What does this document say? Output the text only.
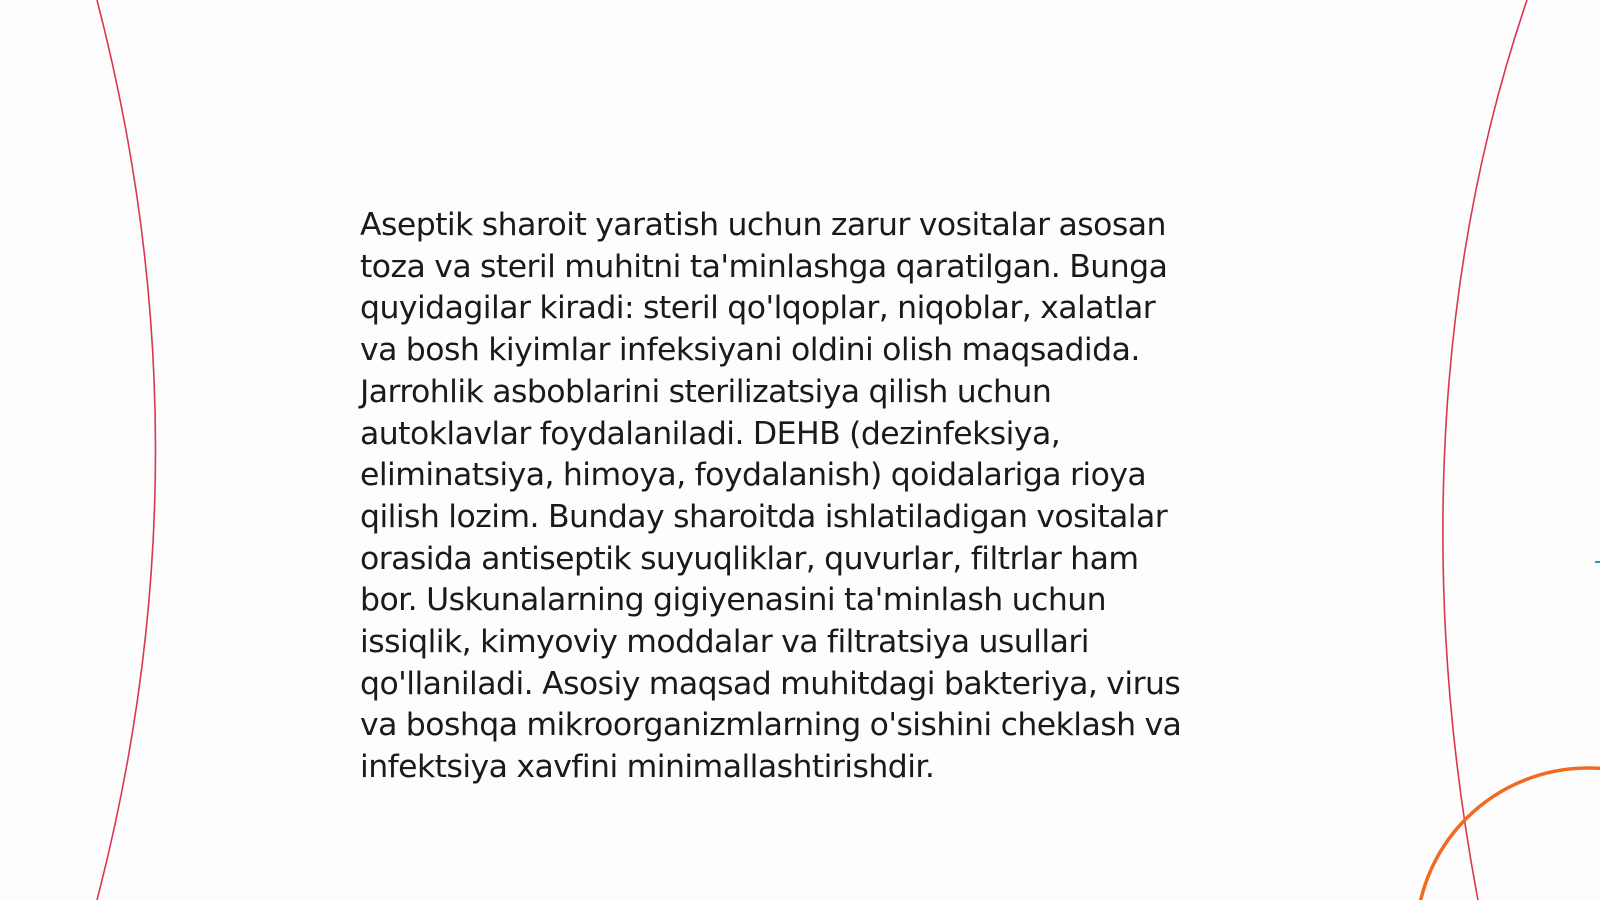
Aseptik sharoit yaratish uchun zarur vositalar asosan
toza va steril muhitni ta'minlashga qaratilgan. Bunga
quyidagilar kiradi: steril qo'lqoplar, niqoblar, xalatlar
va bosh kiyimlar infeksiyani oldini olish maqsadida.
Jarrohlik asboblarini sterilizatsiya qilish uchun
autoklavlar foydalaniladi. DEHB (dezinfeksiya,
eliminatsiya, himoya, foydalanish) qoidalariga rioya
qilish lozim. Bunday sharoitda ishlatiladigan vositalar
orasida antiseptik suyuqliklar, quvurlar, filtrlar ham
bor. Uskunalarning gigiyenasini ta'minlash uchun
issiqlik, kimyoviy moddalar va filtratsiya usullari
qo'llaniladi. Asosiy maqsad muhitdagi bakteriya, virus
va boshqa mikroorganizmlarning o'sishini cheklash va
infektsiya xavfini minimallashtirishdir.
